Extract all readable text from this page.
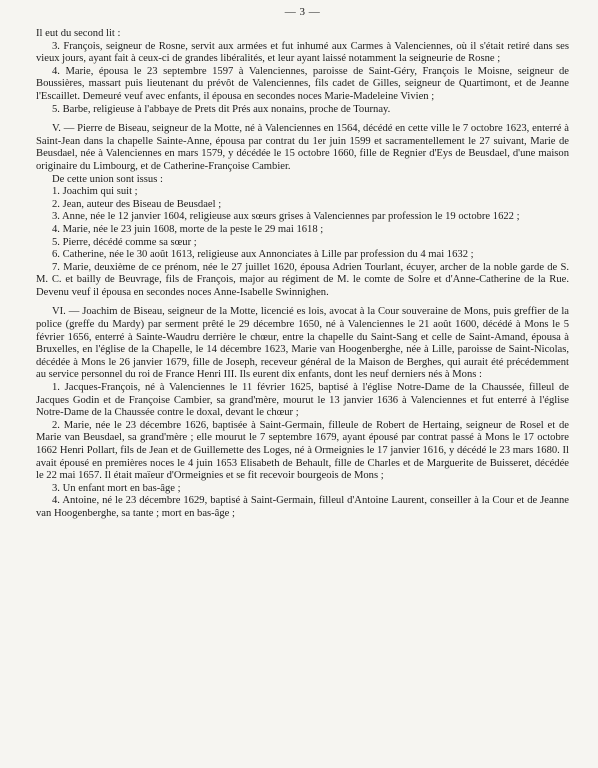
— 3 —

Il eut du second lit :

3. François, seigneur de Rosne, servit aux armées et fut inhumé aux Carmes à Valenciennes, où il s'était retiré dans ses vieux jours, ayant fait à ceux-ci de grandes libéralités, et leur ayant laissé notamment la seigneurie de Rosne ;

4. Marie, épousa le 23 septembre 1597 à Valenciennes, paroisse de Saint-Géry, François le Moisne, seigneur de Boussières, massart puis lieutenant du prévôt de Valenciennes, fils cadet de Gilles, seigneur de Quartimont, et de Jeanne l'Escaillet. Demeuré veuf avec enfants, il épousa en secondes noces Marie-Madeleine Vivien ;

5. Barbe, religieuse à l'abbaye de Prets dit Prés aux nonains, proche de Tournay.

V. — Pierre de Biseau, seigneur de la Motte, né à Valenciennes en 1564, décédé en cette ville le 7 octobre 1623, enterré à Saint-Jean dans la chapelle Sainte-Anne, épousa par contrat du 1er juin 1599 et sacramentellement le 27 suivant, Marie de Beusdael, née à Valenciennes en mars 1579, y décédée le 15 octobre 1660, fille de Regnier d'Eys de Beusdael, d'une maison originaire du Limbourg, et de Catherine-Françoise Cambier.

De cette union sont issus :

1. Joachim qui suit ;

2. Jean, auteur des Biseau de Beusdael ;

3. Anne, née le 12 janvier 1604, religieuse aux sœurs grises à Valenciennes par profession le 19 octobre 1622 ;

4. Marie, née le 23 juin 1608, morte de la peste le 29 mai 1618 ;

5. Pierre, décédé comme sa sœur ;

6. Catherine, née le 30 août 1613, religieuse aux Annonciates à Lille par profession du 4 mai 1632 ;

7. Marie, deuxième de ce prénom, née le 27 juillet 1620, épousa Adrien Tourlant, écuyer, archer de la noble garde de S. M. C. et bailly de Beuvrage, fils de François, major au régiment de M. le comte de Solre et d'Anne-Catherine de la Rue. Devenu veuf il épousa en secondes noces Anne-Isabelle Swinnighen.

VI. — Joachim de Biseau, seigneur de la Motte, licencié es lois, avocat à la Cour souveraine de Mons, puis greffier de la police (greffe du Mardy) par serment prêté le 29 décembre 1650, né à Valenciennes le 21 août 1600, décédé à Mons le 5 février 1656, enterré à Sainte-Waudru derrière le chœur, entre la chapelle du Saint-Sang et celle de Saint-Amand, épousa à Bruxelles, en l'église de la Chapelle, le 14 décembre 1623, Marie van Hoogenberghe, née à Lille, paroisse de Saint-Nicolas, décédée à Mons le 26 janvier 1679, fille de Joseph, receveur général de la Maison de Berghes, qui aurait été précédemment au service personnel du roi de France Henri III. Ils eurent dix enfants, dont les neuf derniers nés à Mons :

1. Jacques-François, né à Valenciennes le 11 février 1625, baptisé à l'église Notre-Dame de la Chaussée, filleul de Jacques Godin et de Françoise Cambier, sa grand'mère, mourut le 13 janvier 1636 à Valenciennes et fut enterré à l'église Notre-Dame de la Chaussée contre le doxal, devant le chœur ;

2. Marie, née le 23 décembre 1626, baptisée à Saint-Germain, filleule de Robert de Hertaing, seigneur de Rosel et de Marie van Beusdael, sa grand'mère ; elle mourut le 7 septembre 1679, ayant épousé par contrat passé à Mons le 17 octobre 1662 Henri Pollart, fils de Jean et de Guillemette des Loges, né à Ormeignies le 17 janvier 1616, y décédé le 23 mars 1680. Il avait épousé en premières noces le 4 juin 1653 Elisabeth de Behault, fille de Charles et de Marguerite de Buisseret, décédée le 22 mai 1657. Il était maïeur d'Ormeignies et se fit recevoir bourgeois de Mons ;

3. Un enfant mort en bas-âge ;

4. Antoine, né le 23 décembre 1629, baptisé à Saint-Germain, filleul d'Antoine Laurent, conseiller à la Cour et de Jeanne van Hoogenberghe, sa tante ; mort en bas-âge ;
